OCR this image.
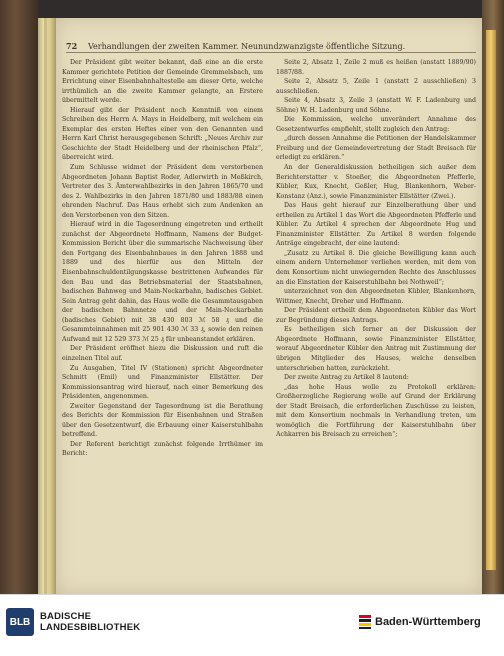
72 Verhandlungen der zweiten Kammer. Neunundzwanzigste öffentliche Sitzung.

Der Präsident gibt weiter bekannt, daß eine an die erste Kammer gerichtete Petition der Gemeinde Gremmelsbach, um Errichtung einer Eisenbahnhaltestelle am dieser Orte, welche irrthümlich an die zweite Kammer gelangte, an Erstere übermittelt werde.

Hierauf gibt der Präsident noch Kenntniß von einem Schreiben des Herrn A. Mays in Heidelberg, mit welchem ein Exemplar des ersten Heftes einer von den Genannten und Herrn Karl Christ herausgegebenen Schrift: „Neues Archiv zur Geschichte der Stadt Heidelberg und der rheinischen Pfalz“, überreicht wird.

Zum Schlusse widmet der Präsident dem verstorbenen Abgeordneten Johann Baptist Roder, Adlerwirth in Meßkirch, Vertreter des 3. Ämterwahlbezirks in den Jahren 1865/70 und des 2. Wahlbezirks in den Jahren 1871/80 und 1883/88 einen ehrenden Nachruf. Das Haus erhebt sich zum Andenken an den Verstorbenen von den Sitzen.

Hierauf wird in die Tagesordnung eingetreten und ertheilt zunächst der Abgeordnete Hoffmann, Namens der Budget-Kommission Bericht über die summarische Nachweisung über den Fortgang des Eisenbahnbaues in den Jahren 1888 und 1889 und des hierfür aus den Mitteln der Eisenbahnschuldentilgungskasse bestrittenen Aufwandes für den Bau und das Betriebsmaterial der Staatsbahnen, badischen Bahnweg und Main-Neckarbahn, badisches Gebiet. Sein Antrag geht dahin, das Haus wolle die Gesammtausgaben der badischen Bahnnetze und der Main-Neckarbahn (badisches Gebiet) mit 38 430 803 ℳ 58 ₰ und die Gesammteinnahmen mit 25 901 430 ℳ 33 ₰, sowie den reinen Aufwand mit 12 529 373 ℳ 25 ₰ für unbeanstandet erklären.

Der Präsident eröffnet hiezu die Diskussion und ruft die einzelnen Titel auf.

Zu Ausgaben, Titel IV (Stationen) spricht Abgeordneter Schmitt (Emil) und Finanzminister Ellstätter. Der Kommissionsantrag wird hierauf, nach einer Bemerkung des Präsidenten, angenommen.

Zweiter Gegenstand der Tagesordnung ist die Berathung des Berichts der Kommission für Eisenbahnen und Straßen über den Gesetzentwurf, die Erbauung einer Kaiserstuhlbahn betreffend.

Der Referent berichtigt zunächst folgende Irrthümer im Bericht:

Seite 2, Absatz 1, Zeile 2 muß es heißen (anstatt 1889/90) 1887/88.

Seite 2, Absatz 5, Zeile 1 (anstatt 2 ausschließen) 3 ausschließen.

Seite 4, Absatz 3, Zeile 3 (anstatt W. F. Ladenburg und Söhne) W. H. Ladenburg und Söhne.

Die Kommission, welche unverändert Annahme des Gesetzentwurfes empfiehlt, stellt zugleich den Antrag:

„durch dessen Annahme die Petitionen der Handelskammer Freiburg und der Gemeindevertretung der Stadt Breisach für erledigt zu erklären.“

An der Generaldiskussion betheiligen sich außer dem Berichterstatter v. Stoeßer, die Abgeordneten Pfefferle, Kübler, Kux, Knecht, Geßler, Hug, Blankenhorn, Weber-Konstanz (Anz.), sowie Finanzminister Ellstätter (Zwei.).

Das Haus geht hierauf zur Einzelberathung über und ertheilen zu Artikel 1 das Wort die Abgeordneten Pfefferle und Kübler. Zu Artikel 4 sprechen der Abgeordnete Hug und Finanzminister Ellstätter. Zu Artikel 8 werden folgende Anträge eingebracht, der eine lautend:

„Zusatz zu Artikel 8. Die gleiche Bewilligung kann auch einem andern Unternehmer verliehen werden, mit dem von dem Konsortium nicht unwiegernden Rechte des Anschlusses an die Einstation der Kaiserstuhlbahn bei Nothweil“;

unterzeichnet von den Abgeordneten Kübler, Blankenhorn, Wittmer, Knecht, Dreher und Hoffmann.

Der Präsident ertheilt dem Abgeordneten Kübler das Wort zur Begründung dieses Antrags.

Es betheiligen sich ferner an der Diskussion der Abgeordnete Hoffmann, sowie Finanzminister Ellstätter, worauf Abgeordneter Kübler den Antrag mit Zustimmung der übrigen Mitglieder des Hauses, welche denselben unterschrieben hatten, zurückzieht.

Der zweite Antrag zu Artikel 8 lautend:

„das hohe Haus wolle zu Protokoll erklären: Großherzogliche Regierung wolle auf Grund der Erklärung der Stadt Breisach, die erforderlichen Zuschüsse zu leisten, mit dem Konsortium nochmals in Verhandlung treten, um womöglich die Fortführung der Kaiserstuhlbahn über Achkarren bis Breisach zu erreichen“;

BLB	BADISCHE
LANDESBIBLIOTHEK	Baden-Württemberg
